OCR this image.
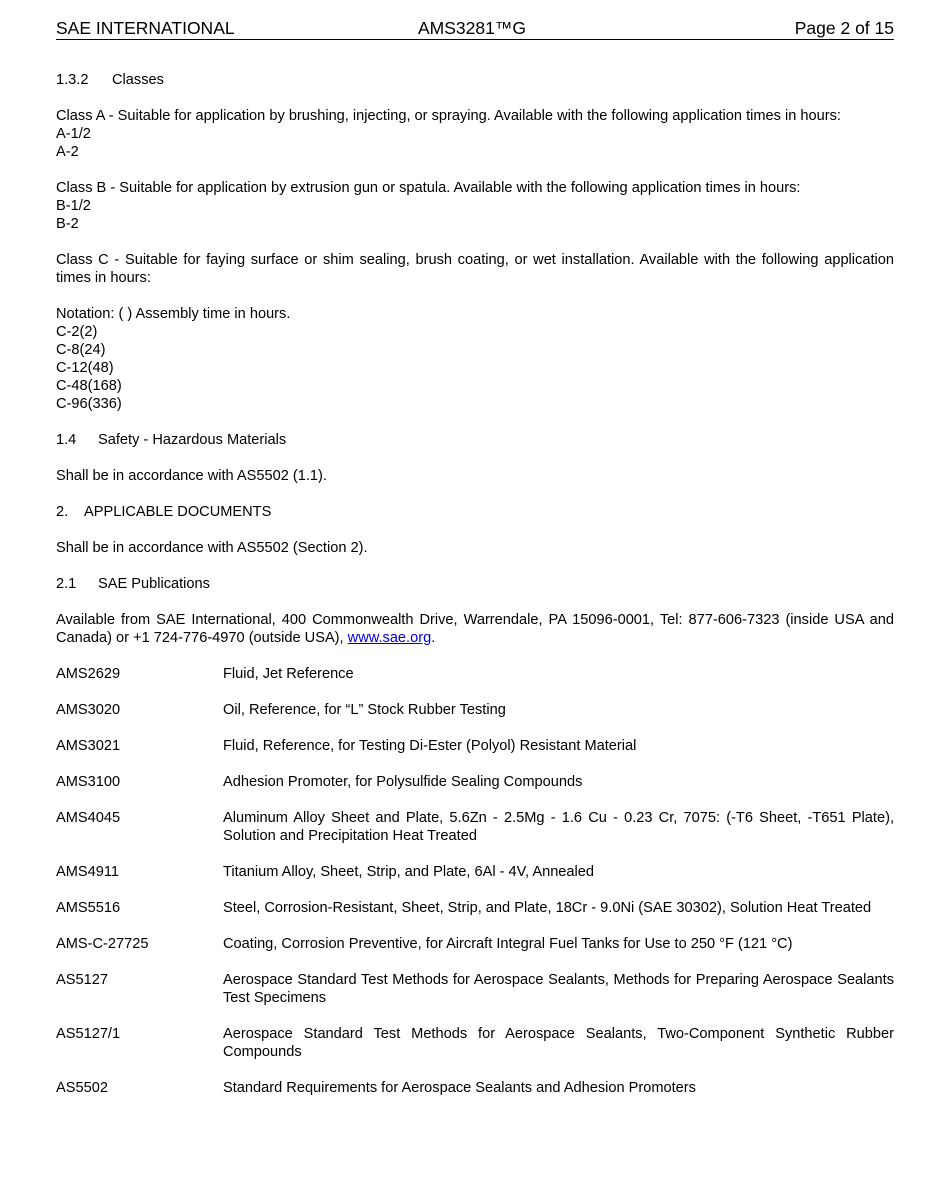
SAE INTERNATIONAL	AMS3281™G	Page 2 of 15

1.3.2 Classes

Class A - Suitable for application by brushing, injecting, or spraying. Available with the following application times in hours:
A-1/2
A-2
Class B - Suitable for application by extrusion gun or spatula. Available with the following application times in hours:
B-1/2
B-2

Class C - Suitable for faying surface or shim sealing, brush coating, or wet installation. Available with the following application times in hours:

Notation: ( ) Assembly time in hours.
C-2(2)
C-8(24)
C-12(48)
C-48(168)
C-96(336)

1.4 Safety - Hazardous Materials

Shall be in accordance with AS5502 (1.1).

2. APPLICABLE DOCUMENTS

Shall be in accordance with AS5502 (Section 2).

2.1 SAE Publications

Available from SAE International, 400 Commonwealth Drive, Warrendale, PA 15096-0001, Tel: 877-606-7323 (inside USA and Canada) or +1 724-776-4970 (outside USA), www.sae.org.

AMS2629	Fluid, Jet Reference
AMS3020	Oil, Reference, for “L” Stock Rubber Testing
AMS3021	Fluid, Reference, for Testing Di-Ester (Polyol) Resistant Material
AMS3100	Adhesion Promoter, for Polysulfide Sealing Compounds
AMS4045	Aluminum Alloy Sheet and Plate, 5.6Zn - 2.5Mg - 1.6 Cu - 0.23 Cr, 7075: (-T6 Sheet, -T651 Plate), Solution and Precipitation Heat Treated
AMS4911	Titanium Alloy, Sheet, Strip, and Plate, 6Al - 4V, Annealed
AMS5516	Steel, Corrosion-Resistant, Sheet, Strip, and Plate, 18Cr - 9.0Ni (SAE 30302), Solution Heat Treated
AMS-C-27725	Coating, Corrosion Preventive, for Aircraft Integral Fuel Tanks for Use to 250 °F (121 °C)
AS5127	Aerospace Standard Test Methods for Aerospace Sealants, Methods for Preparing Aerospace Sealants Test Specimens
AS5127/1	Aerospace Standard Test Methods for Aerospace Sealants, Two-Component Synthetic Rubber Compounds
AS5502	Standard Requirements for Aerospace Sealants and Adhesion Promoters
